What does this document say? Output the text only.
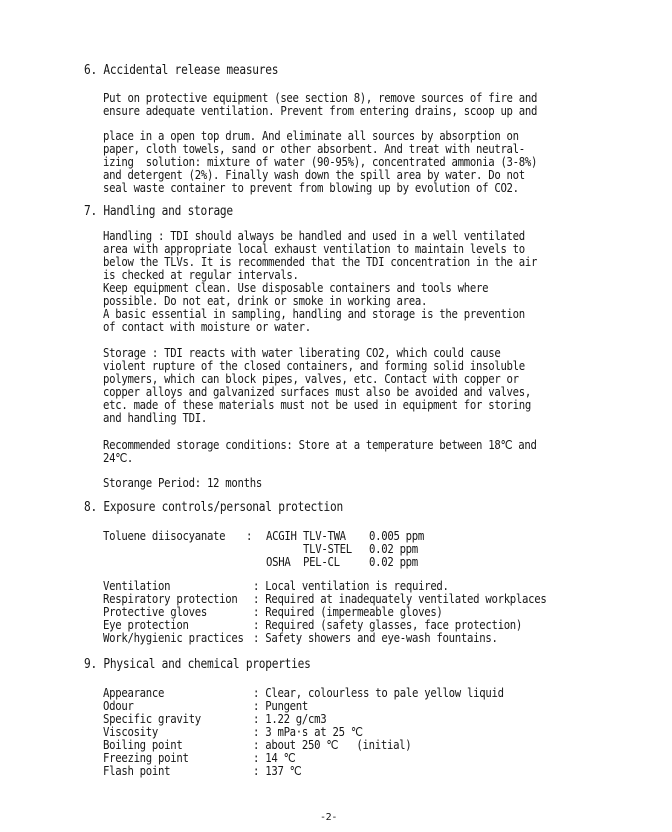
6. Accidental release measures
Put on protective equipment (see section 8), remove sources of fire and
ensure adequate ventilation. Prevent from entering drains, scoop up and
place in a open top drum. And eliminate all sources by absorption on
paper, cloth towels, sand or other absorbent. And treat with neutral-
izing  solution: mixture of water (90-95%), concentrated ammonia (3-8%)
and detergent (2%). Finally wash down the spill area by water. Do not
seal waste container to prevent from blowing up by evolution of CO2.
7. Handling and storage
Handling : TDI should always be handled and used in a well ventilated
area with appropriate local exhaust ventilation to maintain levels to
below the TLVs. It is recommended that the TDI concentration in the air
is checked at regular intervals.
Keep equipment clean. Use disposable containers and tools where
possible. Do not eat, drink or smoke in working area.
A basic essential in sampling, handling and storage is the prevention
of contact with moisture or water.
Storage : TDI reacts with water liberating CO2, which could cause
violent rupture of the closed containers, and forming solid insoluble
polymers, which can block pipes, valves, etc. Contact with copper or
copper alloys and galvanized surfaces must also be avoided and valves,
etc. made of these materials must not be used in equipment for storing
and handling TDI.
Recommended storage conditions: Store at a temperature between 18℃ and
24℃.
Storange Period: 12 months
8. Exposure controls/personal protection
Toluene diisocyanate : ACGIH TLV-TWA 0.005 ppm
TLV-STEL 0.02 ppm
OSHA PEL-CL 0.02 ppm
Ventilation	: Local ventilation is required.
Respiratory protection : Required at inadequately ventilated workplaces
Protective gloves	: Required (impermeable gloves)
Eye protection	: Required (safety glasses, face protection)
Work/hygienic practices : Safety showers and eye-wash fountains.
9. Physical and chemical properties
Appearance	: Clear, colourless to pale yellow liquid
Odour	: Pungent
Specific gravity	: 1.22 g/cm3
Viscosity	: 3 mPa·s at 25 ℃
Boiling point	: about 250 ℃   (initial)
Freezing point	: 14 ℃
Flash point	: 137 ℃
-2-
